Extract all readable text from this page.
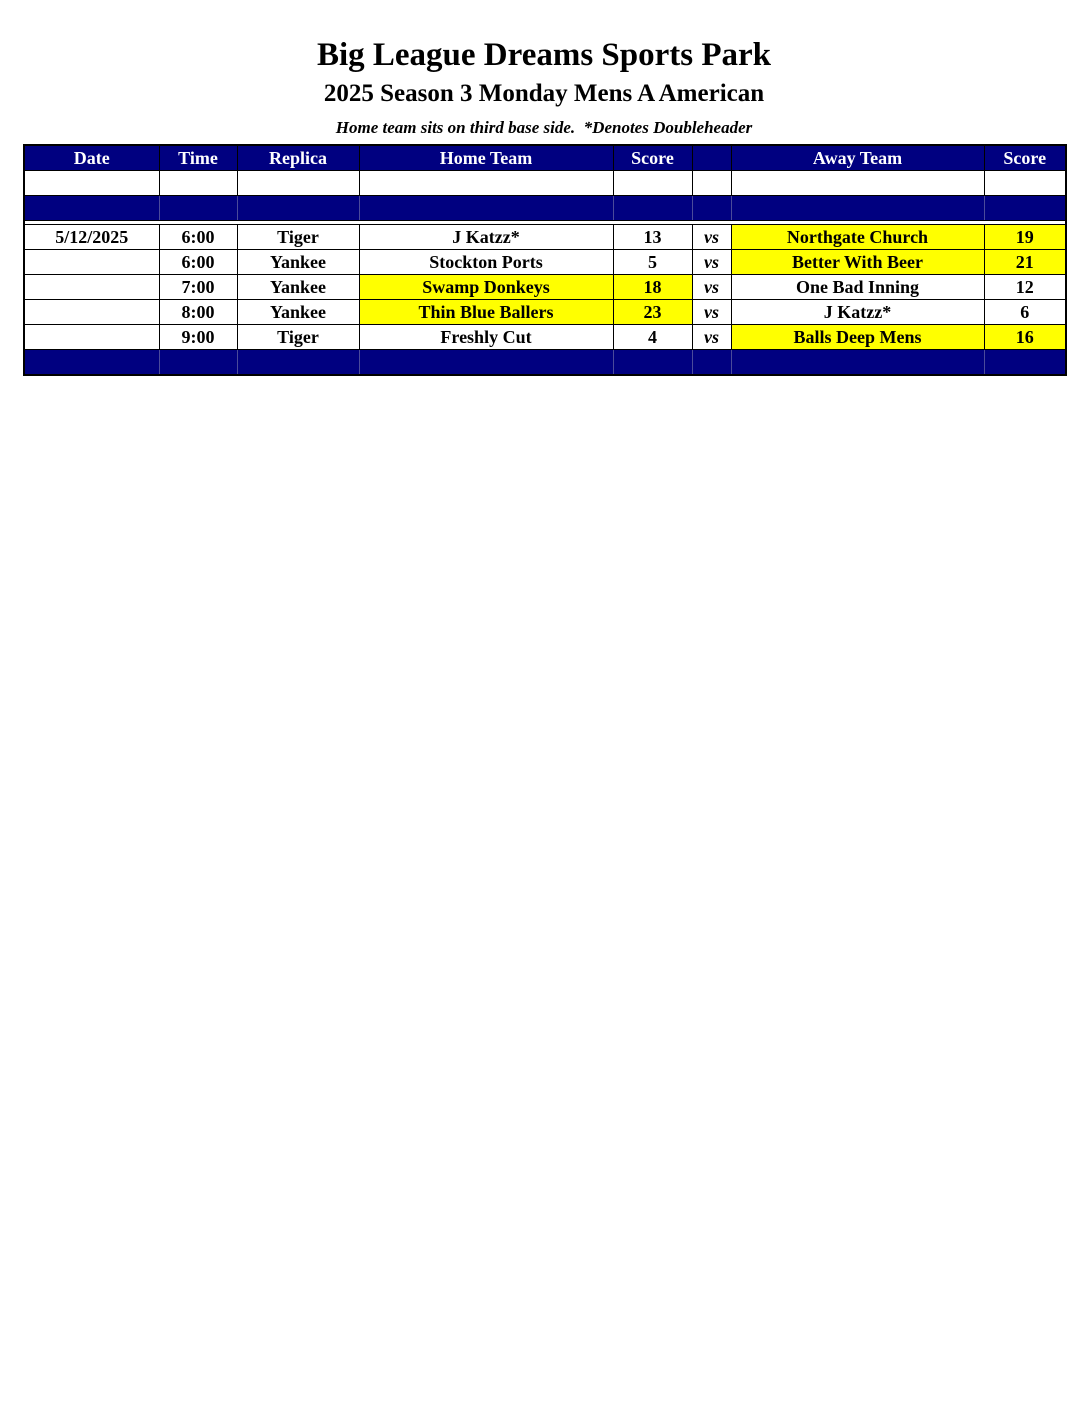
Big League Dreams Sports Park
2025 Season 3 Monday Mens A American
Home team sits on third base side.  *Denotes Doubleheader
Date	Time	Replica	Home Team	Score		Away Team	Score

5/12/2025	6:00	Tiger	J Katzz*	13	vs	Northgate Church	19
	6:00	Yankee	Stockton Ports	5	vs	Better With Beer	21
	7:00	Yankee	Swamp Donkeys	18	vs	One Bad Inning	12
	8:00	Yankee	Thin Blue Ballers	23	vs	J Katzz*	6
	9:00	Tiger	Freshly Cut	4	vs	Balls Deep Mens	16
